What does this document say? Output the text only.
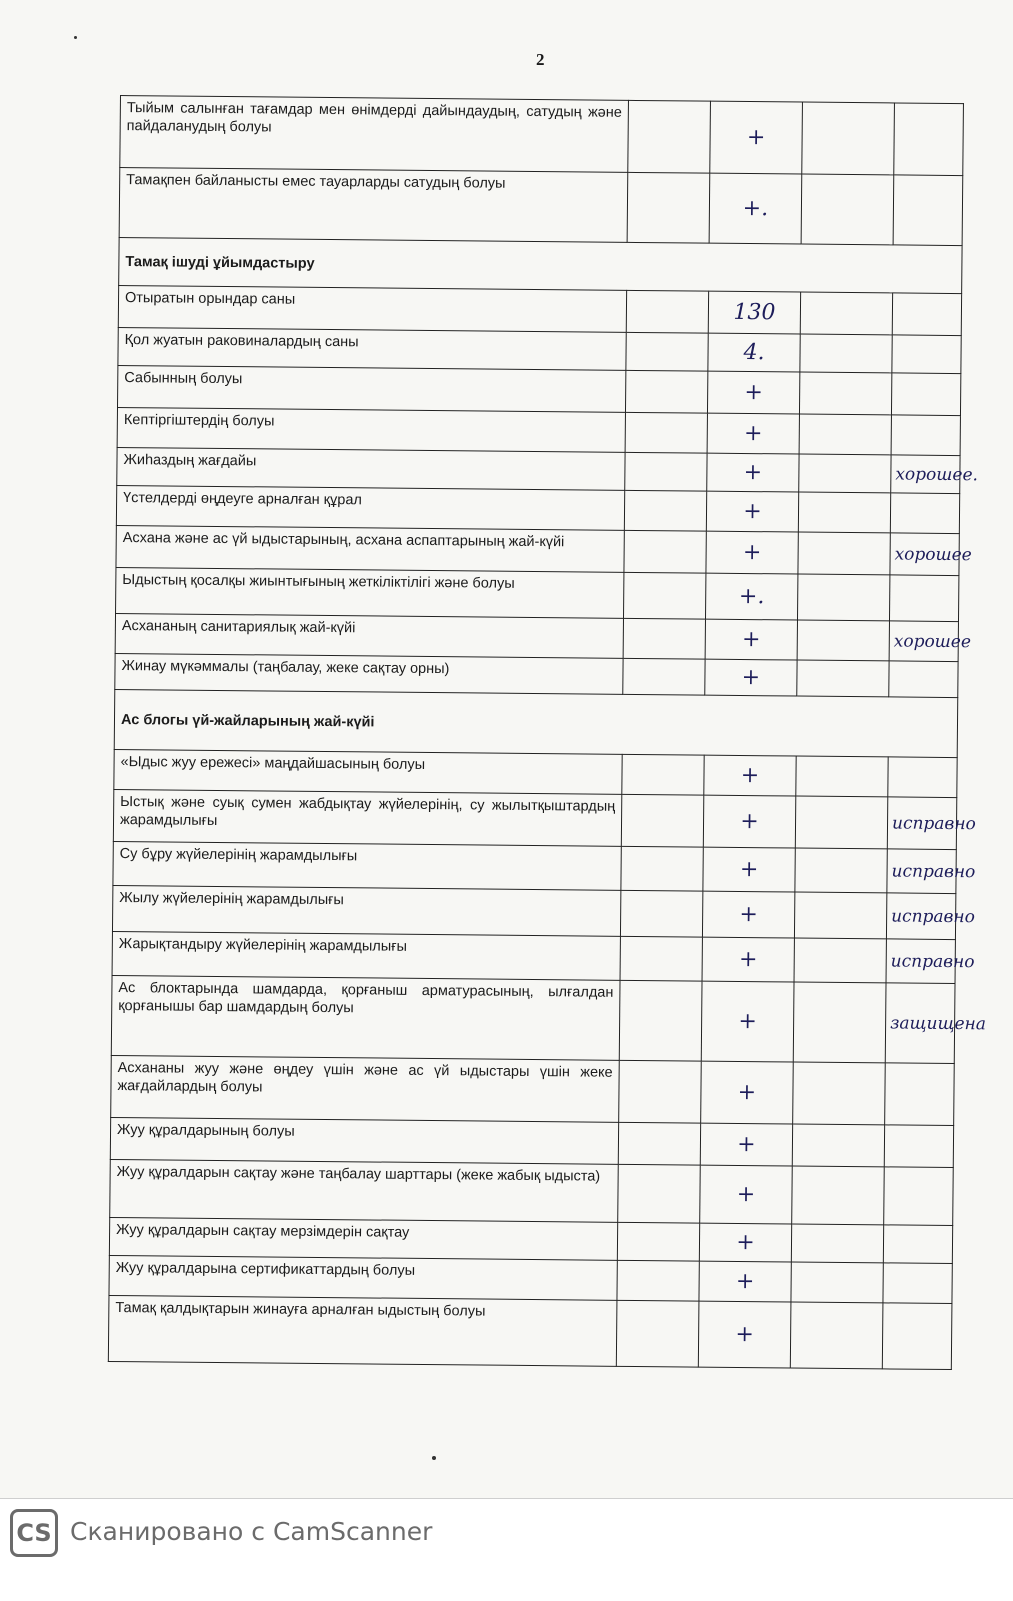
2
Тыйым салынған тағамдар мен өнімдерді дайындаудың, сатудың және пайдаланудың болуы		+		
Тамақпен байланысты емес тауарларды сатудың болуы		+.		
Тамақ ішуді ұйымдастыру				
Отыратын орындар саны		130		
Қол жуатын раковиналардың саны		4.		
Сабынның болуы		+		
Кептіргіштердің болуы		+		
Жиһаздың жағдайы		+		хорошее.
Үстелдерді өңдеуге арналған құрал		+		
Асхана және ас үй ыдыстарының, асхана аспаптарының жай-күйі		+		хорошее
Ыдыстың қосалқы жиынтығының жеткіліктілігі және болуы		+.		
Асхананың санитариялық жай-күйі		+		хорошее
Жинау мүкәммалы (таңбалау, жеке сақтау орны)		+		
Ас блогы үй-жайларының жай-күйі				
«Ыдыс жуу ережесі» маңдайшасының болуы		+		
Ыстық және суық сумен жабдықтау жүйелерінің, су жылытқыштардың жарамдылығы		+		исправно
Су бұру жүйелерінің жарамдылығы		+		исправно
Жылу жүйелерінің жарамдылығы		+		исправно
Жарықтандыру жүйелерінің жарамдылығы		+		исправно
Ас блоктарында шамдарда, қорғаныш арматурасының, ылғалдан қорғанышы бар шамдардың болуы		+		защищена
Асхананы жуу және өңдеу үшін және ас үй ыдыстары үшін жеке жағдайлардың болуы		+		
Жуу құралдарының болуы		+		
Жуу құралдарын сақтау және таңбалау шарттары (жеке жабық ыдыста)		+		
Жуу құралдарын сақтау мерзімдерін сақтау		+		
Жуу құралдарына сертификаттардың болуы		+		
Тамақ қалдықтарын жинауға арналған ыдыстың болуы		+		
CS Сканировано с CamScanner
